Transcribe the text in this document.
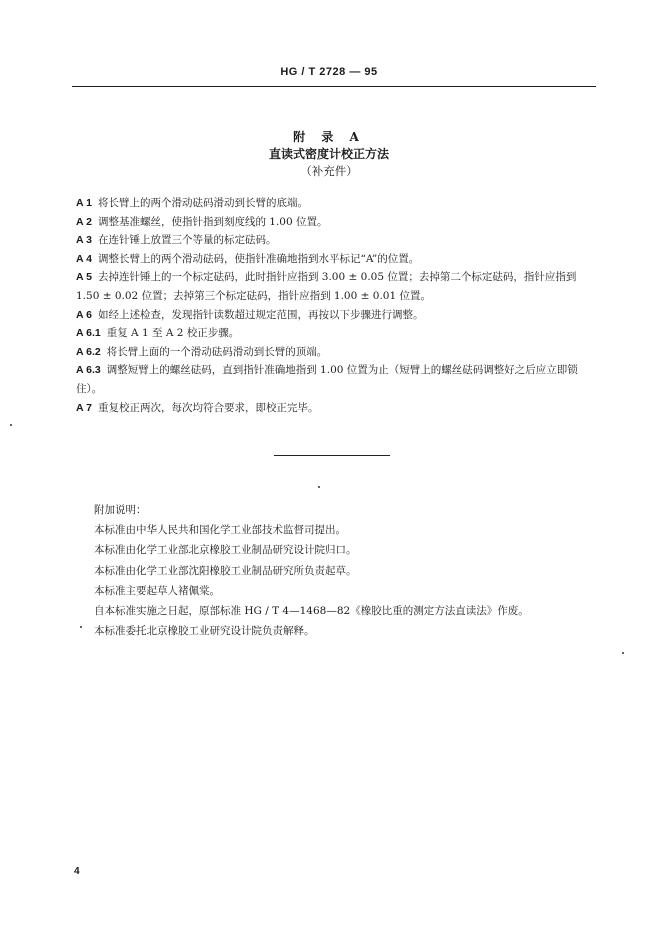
HG / T 2728 — 95
附 录 A
直读式密度计校正方法
（补充件）

A 1 将长臂上的两个滑动砝码滑动到长臂的底端。

A 2 调整基准螺丝，使指针指到刻度线的 1.00 位置。

A 3 在连针锤上放置三个等量的标定砝码。

A 4 调整长臂上的两个滑动砝码，使指针准确地指到水平标记“A”的位置。

A 5 去掉连针锤上的一个标定砝码，此时指针应指到 3.00 ± 0.05 位置；去掉第二个标定砝码，指针应指到 1.50 ± 0.02 位置；去掉第三个标定砝码，指针应指到 1.00 ± 0.01 位置。

A 6 如经上述检查，发现指针读数超过规定范围，再按以下步骤进行调整。

A 6.1 重复 A 1 至 A 2 校正步骤。

A 6.2 将长臂上面的一个滑动砝码滑动到长臂的顶端。

A 6.3 调整短臂上的螺丝砝码，直到指针准确地指到 1.00 位置为止（短臂上的螺丝砝码调整好之后应立即锁住）。

A 7 重复校正两次，每次均符合要求，即校正完毕。

附加说明：

本标准由中华人民共和国化学工业部技术监督司提出。

本标准由化学工业部北京橡胶工业制品研究设计院归口。

本标准由化学工业部沈阳橡胶工业制品研究所负责起草。

本标准主要起草人褚佩棠。

自本标准实施之日起，原部标准 HG / T 4—1468—82《橡胶比重的测定方法直读法》作废。

本标准委托北京橡胶工业研究设计院负责解释。

4
